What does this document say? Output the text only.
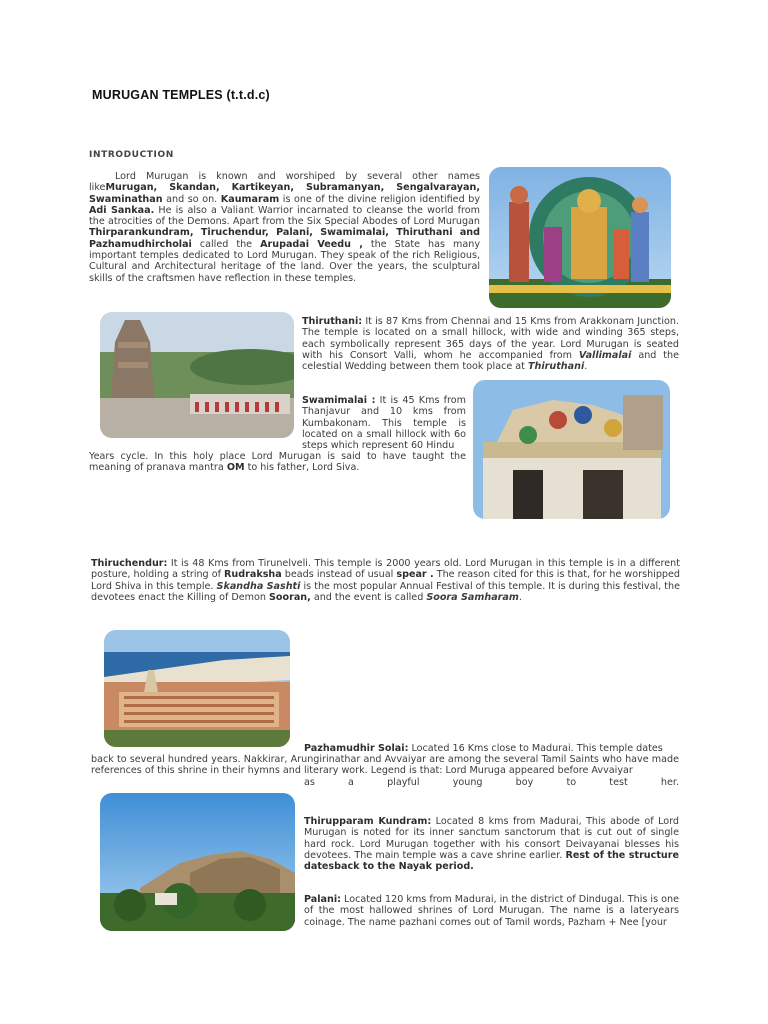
MURUGAN TEMPLES (t.t.d.c)
INTRODUCTION
Lord Murugan is known and worshiped by several other names likeMurugan, Skandan, Kartikeyan, Subramanyan, Sengalvarayan, Swaminathan and so on. Kaumaram is one of the divine religion identified by Adi Sankaa. He is also a Valiant Warrior incarnated to cleanse the world from the atrocities of the Demons. Apart from the Six Special Abodes of Lord Murugan Thirparankundram, Tiruchendur, Palani, Swamimalai, Thiruthani and Pazhamudhircholai called the Arupadai Veedu , the State has many important temples dedicated to Lord Murugan. They speak of the rich Religious, Cultural and Architectural heritage of the land. Over the years, the sculptural skills of the craftsmen have reflection in these temples.
Thiruthani: It is 87 Kms from Chennai and 15 Kms from Arakkonam Junction. The temple is located on a small hillock, with wide and winding 365 steps, each symbolically represent 365 days of the year. Lord Murugan is seated with his Consort Valli, whom he accompanied from Vallimalai and the celestial Wedding between them took place at Thiruthani.
Swamimalai : It is 45 Kms from Thanjavur and 10 kms from Kumbakonam. This temple is located on a small hillock with 6o steps which represent 60 Hindu
Years cycle. In this holy place Lord Murugan is said to have taught the meaning of pranava mantra OM to his father, Lord Siva.
Thiruchendur: It is 48 Kms from Tirunelveli. This temple is 2000 years old. Lord Murugan in this temple is in a different posture, holding a string of Rudraksha beads instead of usual spear . The reason cited for this is that, for he worshipped Lord Shiva in this temple. Skandha Sashti is the most popular Annual Festival of this temple. It is during this festival, the devotees enact the Killing of Demon Sooran, and the event is called Soora Samharam.
Pazhamudhir Solai: Located 16 Kms close to Madurai. This temple dates
back to several hundred years. Nakkirar, Arungirinathar and Avvaiyar are among the several Tamil Saints who have made references of this shrine in their hymns and literary work. Legend is that: Lord Muruga appeared before Avvaiyar
as a playful young boy to test her.
Thirupparam Kundram: Located 8 kms from Madurai, This abode of Lord Murugan is noted for its inner sanctum sanctorum that is cut out of single hard rock. Lord Murugan together with his consort Deivayanai blesses his devotees. The main temple was a cave shrine earlier. Rest of the structure datesback to the Nayak period.
Palani: Located 120 kms from Madurai, in the district of Dindugal. This is one of the most hallowed shrines of Lord Murugan. The name is a lateryears coinage. The name pazhani comes out of Tamil words, Pazham + Nee [your
